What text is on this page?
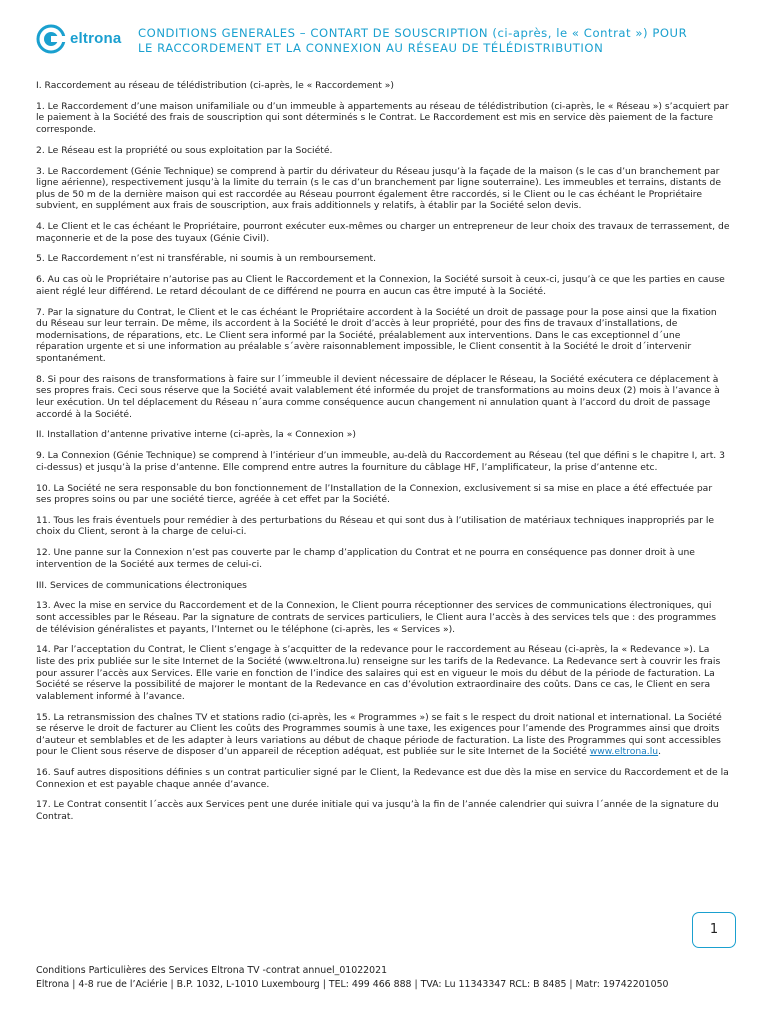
eltrona CONDITIONS GENERALES – CONTART DE SOUSCRIPTION (ci-après, le « Contrat ») POUR
LE RACCORDEMENT ET LA CONNEXION AU RÉSEAU DE TÉLÉDISTRIBUTION

I. Raccordement au réseau de télédistribution (ci-après, le « Raccordement »)

1. Le Raccordement d’une maison unifamiliale ou d’un immeuble à appartements au réseau de télédistribution (ci-après, le « Réseau ») s’acquiert par le paiement à la Société des frais de souscription qui sont déterminés s le Contrat. Le Raccordement est mis en service dès paiement de la facture corresponde.

2. Le Réseau est la propriété ou sous exploitation par la Société.

3. Le Raccordement (Génie Technique) se comprend à partir du dérivateur du Réseau jusqu’à la façade de la maison (s le cas d’un branchement par ligne aérienne), respectivement jusqu’à la limite du terrain (s le cas d’un branchement par ligne souterraine). Les immeubles et terrains, distants de plus de 50 m de la dernière maison qui est raccordée au Réseau pourront également être raccordés, si le Client ou le cas échéant le Propriétaire subvient, en supplément aux frais de souscription, aux frais additionnels y relatifs, à établir par la Société selon devis.

4. Le Client et le cas échéant le Propriétaire, pourront exécuter eux-mêmes ou charger un entrepreneur de leur choix des travaux de terrassement, de maçonnerie et de la pose des tuyaux (Génie Civil).

5. Le Raccordement n’est ni transférable, ni soumis à un remboursement.

6. Au cas où le Propriétaire n’autorise pas au Client le Raccordement et la Connexion, la Société sursoit à ceux-ci, jusqu’à ce que les parties en cause aient réglé leur différend. Le retard découlant de ce différend ne pourra en aucun cas être imputé à la Société.

7. Par la signature du Contrat, le Client et le cas échéant le Propriétaire accordent à la Société un droit de passage pour la pose ainsi que la fixation du Réseau sur leur terrain. De même, ils accordent à la Société le droit d’accès à leur propriété, pour des fins de travaux d’installations, de modernisations, de réparations, etc. Le Client sera informé par la Société, préalablement aux interventions. Dans le cas exceptionnel d´une réparation urgente et si une information au préalable s´avère raisonnablement impossible, le Client consentit à la Société le droit d´intervenir spontanément.

8. Si pour des raisons de transformations à faire sur l´immeuble il devient nécessaire de déplacer le Réseau, la Société exécutera ce déplacement à ses propres frais. Ceci sous réserve que la Société avait valablement été informée du projet de transformations au moins deux (2) mois à l’avance à leur exécution. Un tel déplacement du Réseau n´aura comme conséquence aucun changement ni annulation quant à l’accord du droit de passage accordé à la Société.

II. Installation d’antenne privative interne (ci-après, la « Connexion »)

9. La Connexion (Génie Technique) se comprend à l’intérieur d’un immeuble, au-delà du Raccordement au Réseau (tel que défini s le chapitre I, art. 3 ci-dessus) et jusqu’à la prise d’antenne. Elle comprend entre autres la fourniture du câblage HF, l’amplificateur, la prise d’antenne etc.

10. La Société ne sera responsable du bon fonctionnement de l’Installation de la Connexion, exclusivement si sa mise en place a été effectuée par ses propres soins ou par une société tierce, agréée à cet effet par la Société.

11. Tous les frais éventuels pour remédier à des perturbations du Réseau et qui sont dus à l’utilisation de matériaux techniques inappropriés par le choix du Client, seront à la charge de celui-ci.

12. Une panne sur la Connexion n’est pas couverte par le champ d’application du Contrat et ne pourra en conséquence pas donner droit à une intervention de la Société aux termes de celui-ci.

III. Services de communications électroniques

13. Avec la mise en service du Raccordement et de la Connexion, le Client pourra réceptionner des services de communications électroniques, qui sont accessibles par le Réseau. Par la signature de contrats de services particuliers, le Client aura l’accès à des services tels que : des programmes de télévision généralistes et payants, l’Internet ou le téléphone (ci-après, les « Services »).

14. Par l’acceptation du Contrat, le Client s’engage à s’acquitter de la redevance pour le raccordement au Réseau (ci-après, la « Redevance »). La liste des prix publiée sur le site Internet de la Société (www.eltrona.lu) renseigne sur les tarifs de la Redevance. La Redevance sert à couvrir les frais pour assurer l’accès aux Services. Elle varie en fonction de l’indice des salaires qui est en vigueur le mois du début de la période de facturation. La Société se réserve la possibilité de majorer le montant de la Redevance en cas d’évolution extraordinaire des coûts. Dans ce cas, le Client en sera valablement informé à l’avance.

15. La retransmission des chaînes TV et stations radio (ci-après, les « Programmes ») se fait s le respect du droit national et international. La Société se réserve le droit de facturer au Client les coûts des Programmes soumis à une taxe, les exigences pour l’amende des Programmes ainsi que droits d’auteur et semblables et de les adapter à leurs variations au début de chaque période de facturation. La liste des Programmes qui sont accessibles pour le Client sous réserve de disposer d’un appareil de réception adéquat, est publiée sur le site Internet de la Société www.eltrona.lu.

16. Sauf autres dispositions définies s un contrat particulier signé par le Client, la Redevance est due dès la mise en service du Raccordement et de la Connexion et est payable chaque année d’avance.

17. Le Contrat consentit l´accès aux Services pent une durée initiale qui va jusqu’à la fin de l’année calendrier qui suivra l´année de la signature du Contrat.

1
Conditions Particulières des Services Eltrona TV -contrat annuel_01022021
Eltrona | 4-8 rue de l’Aciérie | B.P. 1032, L-1010 Luxembourg | TEL: 499 466 888 | TVA: Lu 11343347 RCL: B 8485 | Matr: 19742201050
